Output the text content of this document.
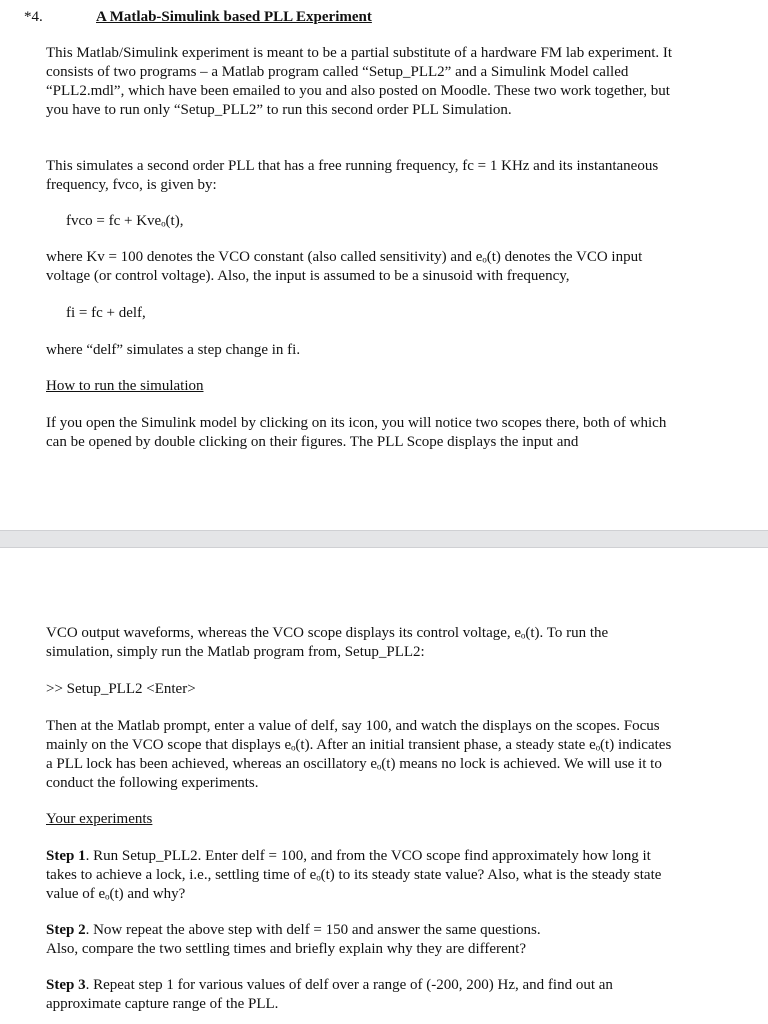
*4.	A Matlab-Simulink based PLL Experiment

This Matlab/Simulink experiment is meant to be a partial substitute of a hardware FM lab experiment. It consists of two programs – a Matlab program called “Setup_PLL2” and a Simulink Model called “PLL2.mdl”, which have been emailed to you and also posted on Moodle. These two work together, but you have to run only “Setup_PLL2” to run this second order PLL Simulation.

This simulates a second order PLL that has a free running frequency, fc = 1 KHz and its instantaneous frequency, fvco, is given by:

fvco = fc + Kveₒ(t),

where Kv = 100 denotes the VCO constant (also called sensitivity) and eₒ(t) denotes the VCO input voltage (or control voltage). Also, the input is assumed to be a sinusoid with frequency,

fi = fc + delf,

where “delf” simulates a step change in fi.

How to run the simulation

If you open the Simulink model by clicking on its icon, you will notice two scopes there, both of which can be opened by double clicking on their figures. The PLL Scope displays the input and

VCO output waveforms, whereas the VCO scope displays its control voltage, eₒ(t). To run the simulation, simply run the Matlab program from, Setup_PLL2:

>> Setup_PLL2 <Enter>

Then at the Matlab prompt, enter a value of delf, say 100, and watch the displays on the scopes. Focus mainly on the VCO scope that displays eₒ(t). After an initial transient phase, a steady state eₒ(t) indicates a PLL lock has been achieved, whereas an oscillatory eₒ(t) means no lock is achieved. We will use it to conduct the following experiments.

Your experiments

Step 1. Run Setup_PLL2. Enter delf = 100, and from the VCO scope find approximately how long it takes to achieve a lock, i.e., settling time of eₒ(t) to its steady state value? Also, what is the steady state value of eₒ(t) and why?

Step 2. Now repeat the above step with delf = 150 and answer the same questions.
Also, compare the two settling times and briefly explain why they are different?

Step 3. Repeat step 1 for various values of delf over a range of (-200, 200) Hz, and find out an approximate capture range of the PLL.
